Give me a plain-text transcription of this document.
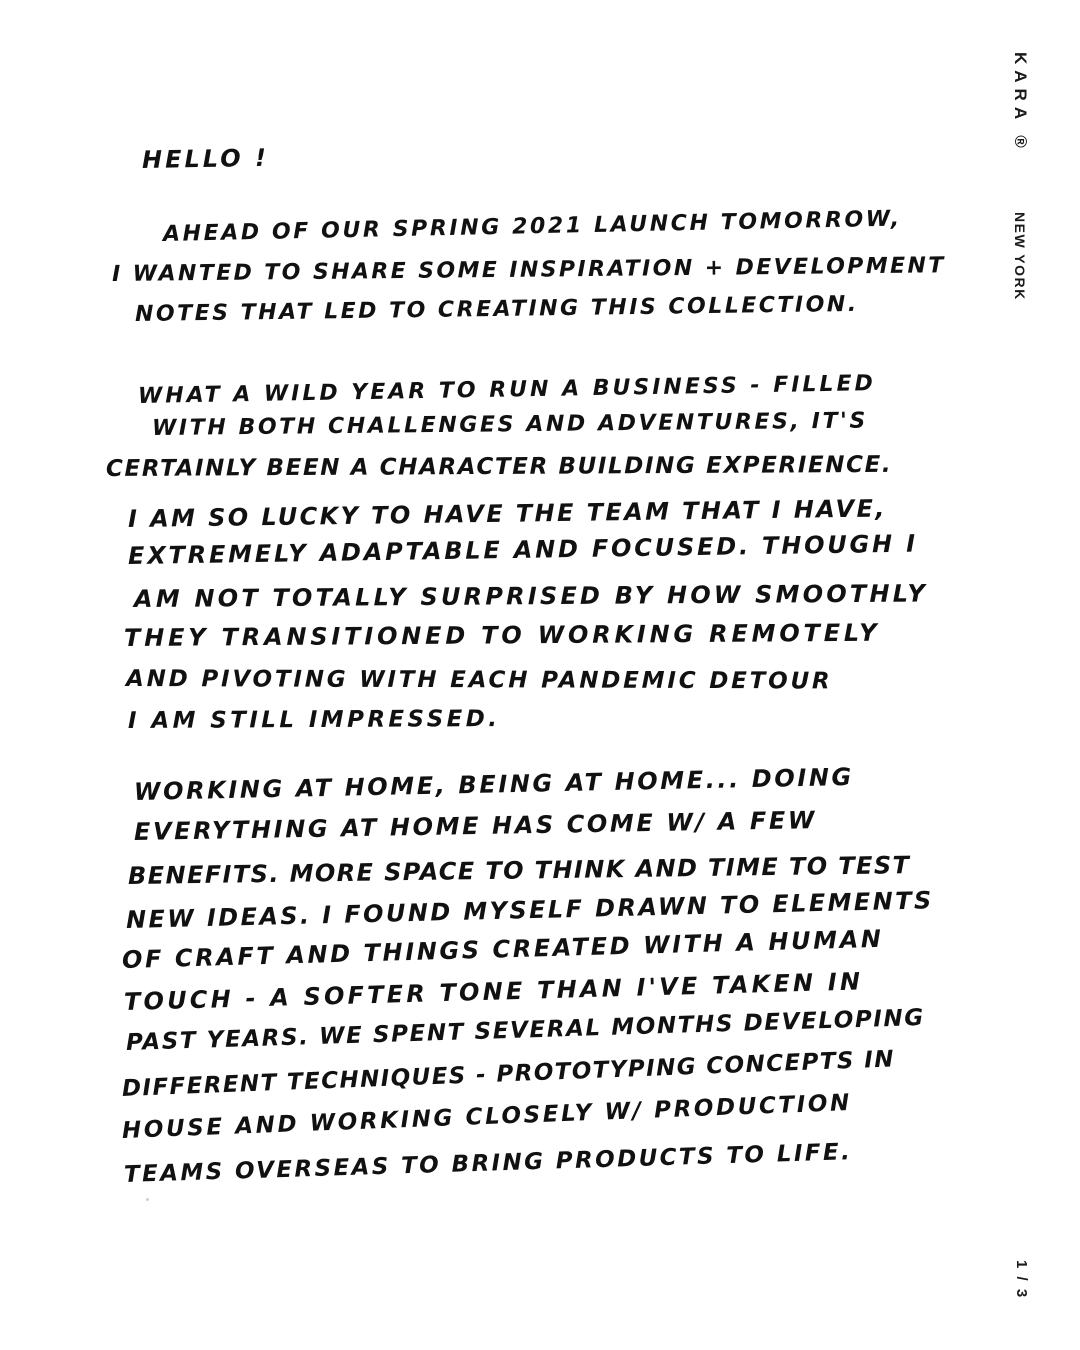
HELLO !
AHEAD OF OUR SPRING 2021 LAUNCH TOMORROW,
I WANTED TO SHARE SOME INSPIRATION + DEVELOPMENT
NOTES THAT LED TO CREATING THIS COLLECTION.
WHAT A WILD YEAR TO RUN A BUSINESS - FILLED
WITH BOTH CHALLENGES AND ADVENTURES, IT'S
CERTAINLY BEEN A CHARACTER BUILDING EXPERIENCE.
I AM SO LUCKY TO HAVE THE TEAM THAT I HAVE,
EXTREMELY ADAPTABLE AND FOCUSED. THOUGH I
AM NOT TOTALLY SURPRISED BY HOW SMOOTHLY
THEY TRANSITIONED TO WORKING REMOTELY
AND PIVOTING WITH EACH PANDEMIC DETOUR
I AM STILL IMPRESSED.
WORKING AT HOME, BEING AT HOME... DOING
EVERYTHING AT HOME HAS COME W/ A FEW
BENEFITS. MORE SPACE TO THINK AND TIME TO TEST
NEW IDEAS. I FOUND MYSELF DRAWN TO ELEMENTS
OF CRAFT AND THINGS CREATED WITH A HUMAN
TOUCH - A SOFTER TONE THAN I'VE TAKEN IN
PAST YEARS. WE SPENT SEVERAL MONTHS DEVELOPING
DIFFERENT TECHNIQUES - PROTOTYPING CONCEPTS IN
HOUSE AND WORKING CLOSELY W/ PRODUCTION
TEAMS OVERSEAS TO BRING PRODUCTS TO LIFE.
KARA ®
NEW YORK
1 / 3
